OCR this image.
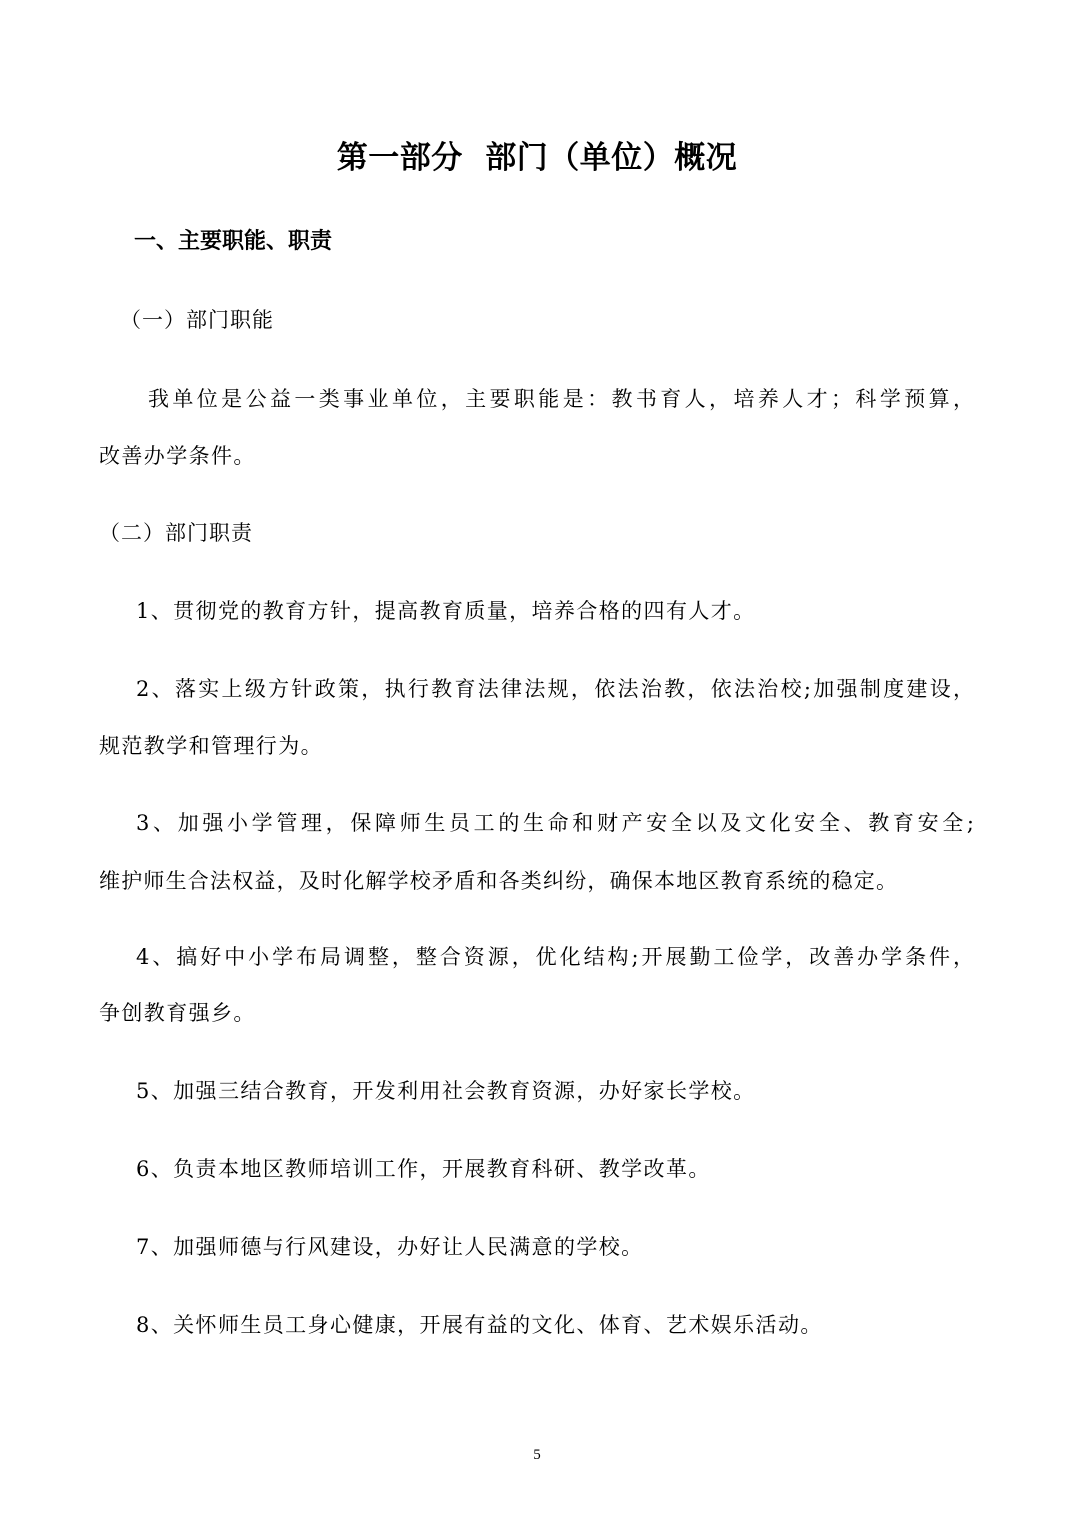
第一部分  部门（单位）概况
一、主要职能、职责
（一）部门职能
我单位是公益一类事业单位，主要职能是：教书育人，培养人才；科学预算，
改善办学条件。
（二）部门职责
1、贯彻党的教育方针，提高教育质量，培养合格的四有人才。
2、落实上级方针政策，执行教育法律法规，依法治教，依法治校;加强制度建设，
规范教学和管理行为。
3、加强小学管理，保障师生员工的生命和财产安全以及文化安全、教育安全;
维护师生合法权益，及时化解学校矛盾和各类纠纷，确保本地区教育系统的稳定。
4、搞好中小学布局调整，整合资源，优化结构;开展勤工俭学，改善办学条件，
争创教育强乡。
5、加强三结合教育，开发利用社会教育资源，办好家长学校。
6、负责本地区教师培训工作，开展教育科研、教学改革。
7、加强师德与行风建设，办好让人民满意的学校。
8、关怀师生员工身心健康，开展有益的文化、体育、艺术娱乐活动。
5
